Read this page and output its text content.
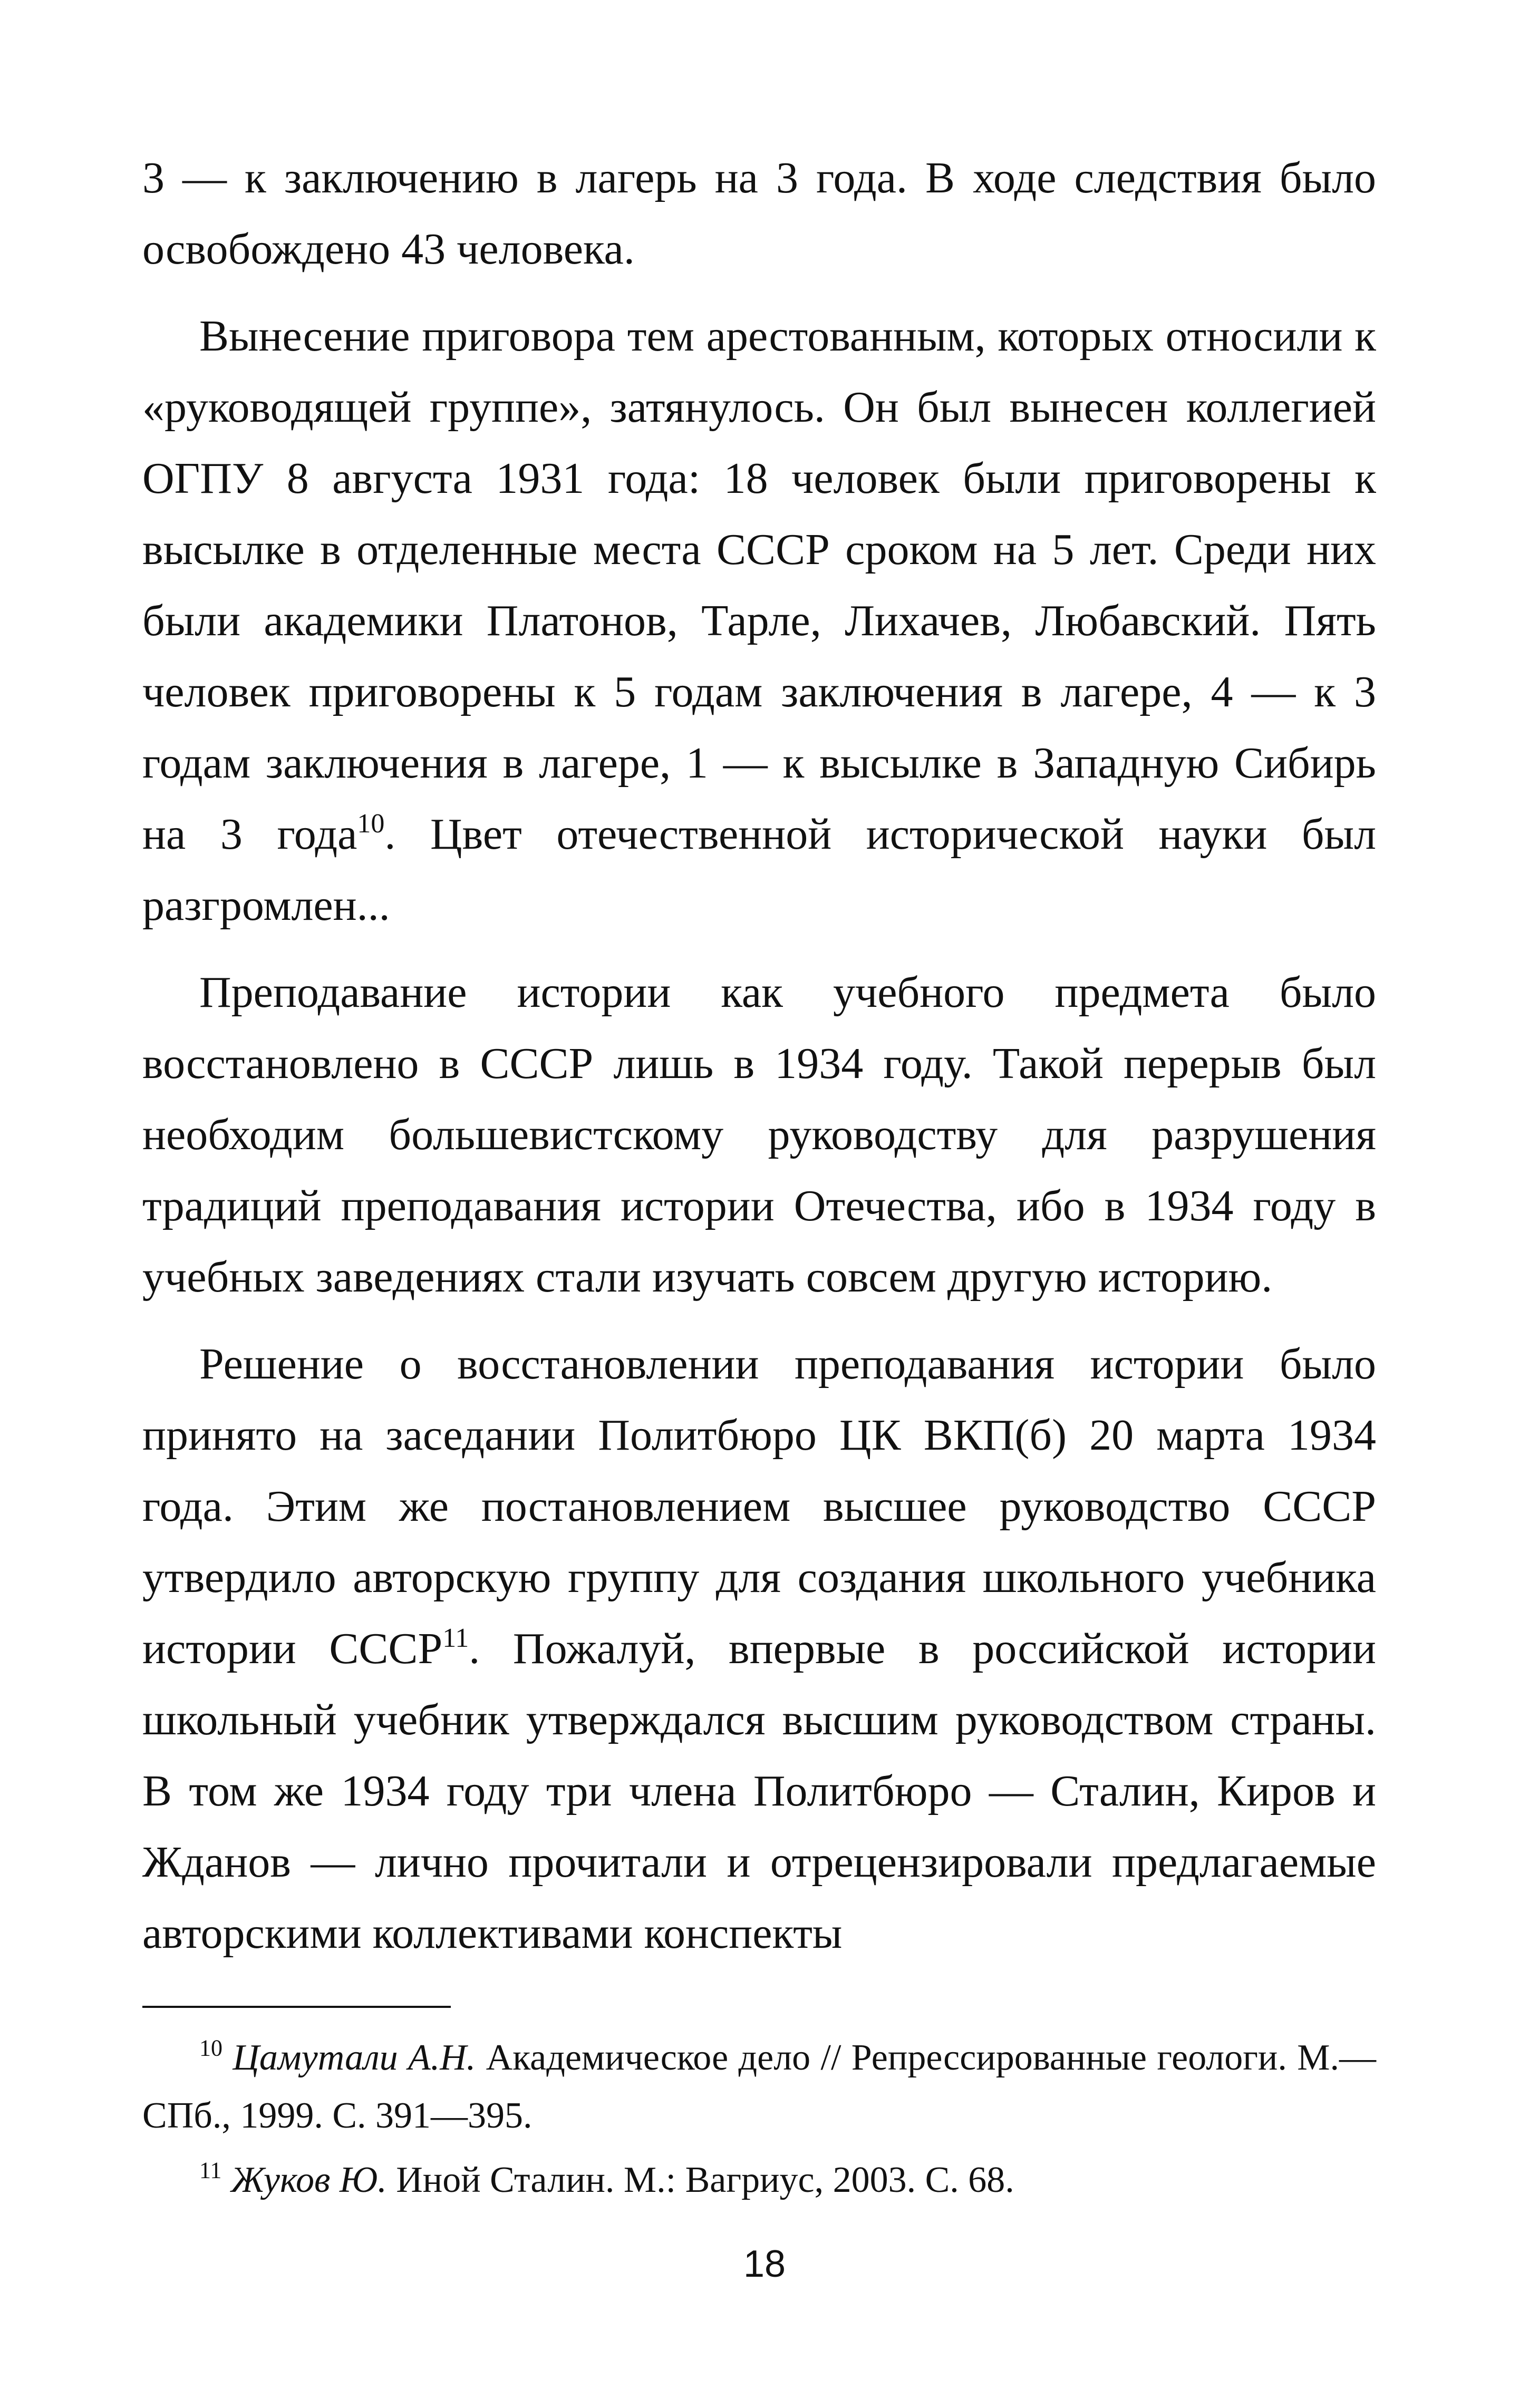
3 — к заключению в лагерь на 3 года. В ходе следствия было освобождено 43 человека.

Вынесение приговора тем арестованным, которых относили к «руководящей группе», затянулось. Он был вынесен коллегией ОГПУ 8 августа 1931 года: 18 человек были приговорены к высылке в отделенные места СССР сроком на 5 лет. Среди них были академики Платонов, Тарле, Лихачев, Любавский. Пять человек приговорены к 5 годам заключения в лагере, 4 — к 3 годам заключения в лагере, 1 — к высылке в Западную Сибирь на 3 года$^{10}$. Цвет отечественной исторической науки был разгромлен...

Преподавание истории как учебного предмета было восстановлено в СССР лишь в 1934 году. Такой перерыв был необходим большевистскому руководству для разрушения традиций преподавания истории Отечества, ибо в 1934 году в учебных заведениях стали изучать совсем другую историю.

Решение о восстановлении преподавания истории было принято на заседании Политбюро ЦК ВКП(б) 20 марта 1934 года. Этим же постановлением высшее руководство СССР утвердило авторскую группу для создания школьного учебника истории СССР$^{11}$. Пожалуй, впервые в российской истории школьный учебник утверждался высшим руководством страны. В том же 1934 году три члена Политбюро — Сталин, Киров и Жданов — лично прочитали и отрецензировали предлагаемые авторскими коллективами конспекты

$^{10}$ Цамутали А.Н. Академическое дело // Репрессированные геологи. М.—СПб., 1999. С. 391—395.

$^{11}$ Жуков Ю. Иной Сталин. М.: Вагриус, 2003. С. 68.

18
